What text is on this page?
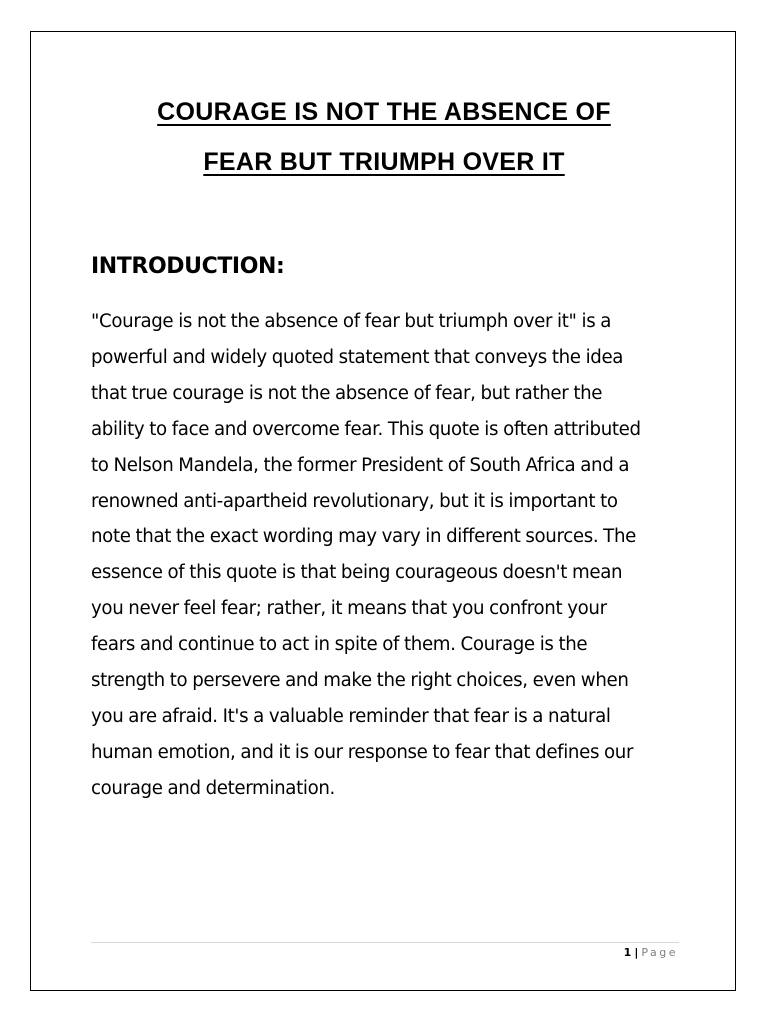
COURAGE IS NOT THE ABSENCE OF
FEAR BUT TRIUMPH OVER IT
INTRODUCTION:
"Courage is not the absence of fear but triumph over it" is a
powerful and widely quoted statement that conveys the idea
that true courage is not the absence of fear, but rather the
ability to face and overcome fear. This quote is often attributed
to Nelson Mandela, the former President of South Africa and a
renowned anti-apartheid revolutionary, but it is important to
note that the exact wording may vary in different sources. The
essence of this quote is that being courageous doesn't mean
you never feel fear; rather, it means that you confront your
fears and continue to act in spite of them. Courage is the
strength to persevere and make the right choices, even when
you are afraid. It's a valuable reminder that fear is a natural
human emotion, and it is our response to fear that defines our
courage and determination.
1 | Page
